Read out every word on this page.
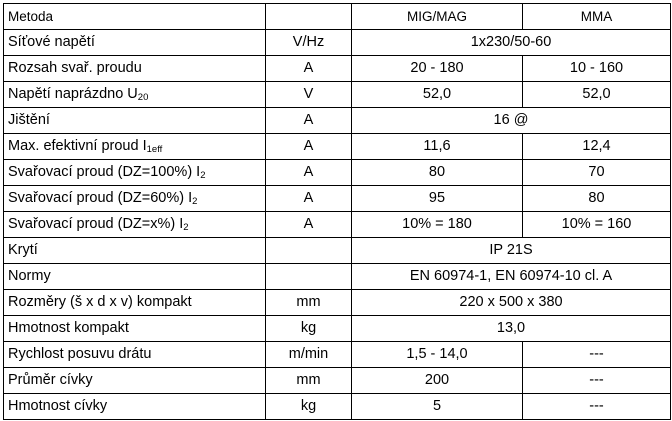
Metoda		MIG/MAG	MMA
Síťové napětí	V/Hz	1x230/50-60	
Rozsah svař. proudu	A	20 - 180	10 - 160
Napětí naprázdno $U_{20}$	V	52,0	52,0
Jištění	A	16 @	
Max. efektivní proud $I_{1eff}$	A	11,6	12,4
Svařovací proud (DZ=100%) $I_2$	A	80	70
Svařovací proud (DZ=60%) $I_2$	A	95	80
Svařovací proud (DZ=x%) $I_2$	A	10% = 180	10% = 160
Krytí		IP 21S	
Normy		EN 60974-1, EN 60974-10 cl. A	
Rozměry (š x d x v) kompakt	mm	220 x 500 x 380	
Hmotnost kompakt	kg	13,0	
Rychlost posuvu drátu	m/min	1,5 - 14,0	---
Průměr cívky	mm	200	---
Hmotnost cívky	kg	5	---
